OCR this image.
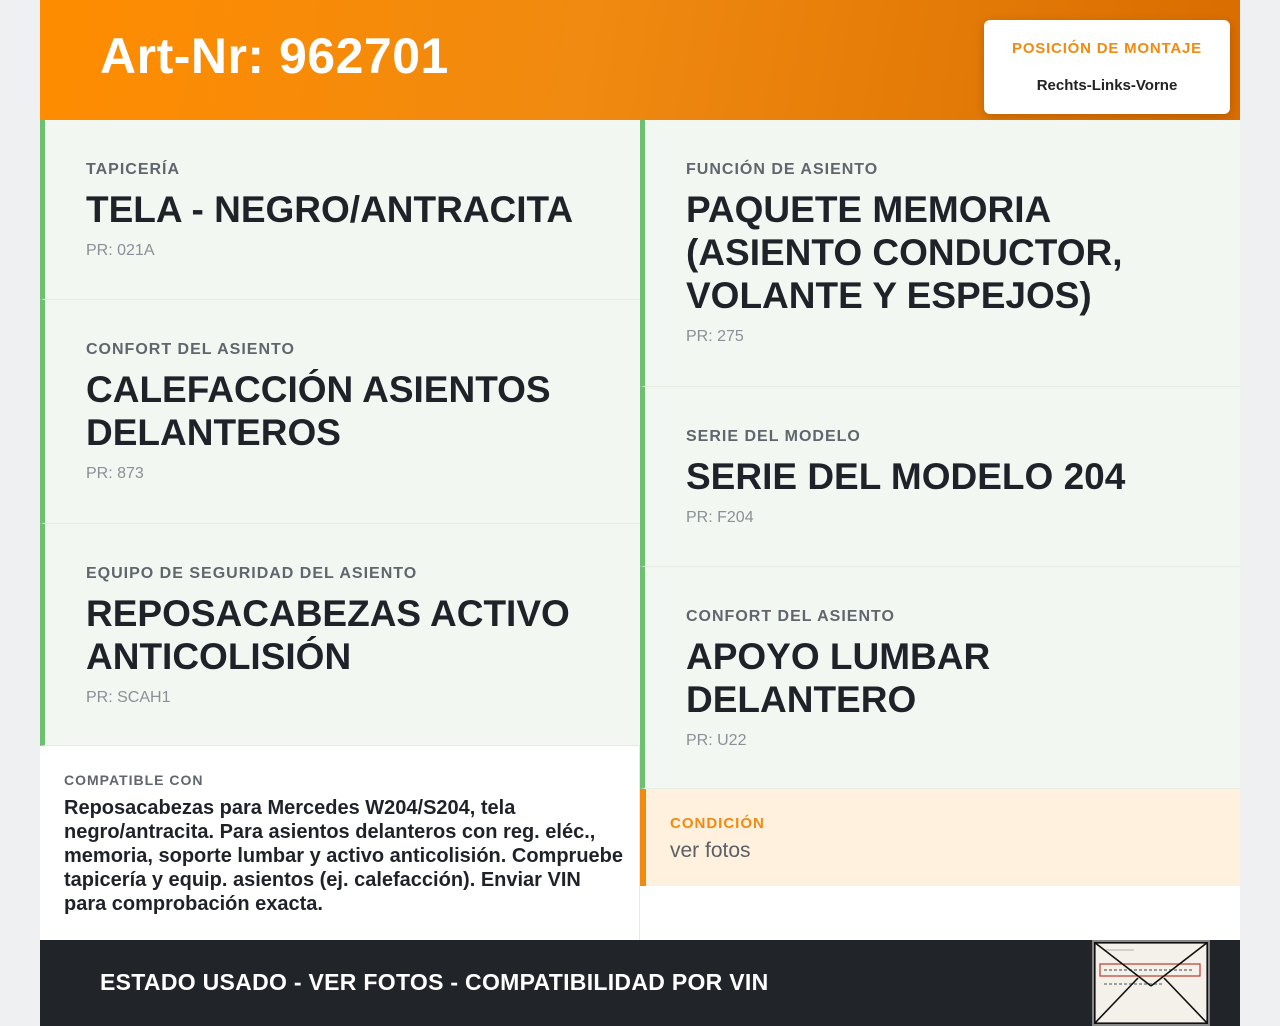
Art-Nr: 962701	POSICIÓN DE MONTAJE
Rechts-Links-Vorne
TAPICERÍA
TELA - NEGRO/ANTRACITA
PR: 021A
CONFORT DEL ASIENTO
CALEFACCIÓN ASIENTOS DELANTEROS
PR: 873
EQUIPO DE SEGURIDAD DEL ASIENTO
REPOSACABEZAS ACTIVO ANTICOLISIÓN
PR: SCAH1
FUNCIÓN DE ASIENTO
PAQUETE MEMORIA (ASIENTO CONDUCTOR, VOLANTE Y ESPEJOS)
PR: 275
SERIE DEL MODELO
SERIE DEL MODELO 204
PR: F204
CONFORT DEL ASIENTO
APOYO LUMBAR DELANTERO
PR: U22
COMPATIBLE CON
Reposacabezas para Mercedes W204/S204, tela negro/antracita. Para asientos delanteros con reg. eléc., memoria, soporte lumbar y activo anticolisión. Compruebe tapicería y equip. asientos (ej. calefacción). Enviar VIN para comprobación exacta.
CONDICIÓN
ver fotos
ESTADO USADO - VER FOTOS - COMPATIBILIDAD POR VIN
